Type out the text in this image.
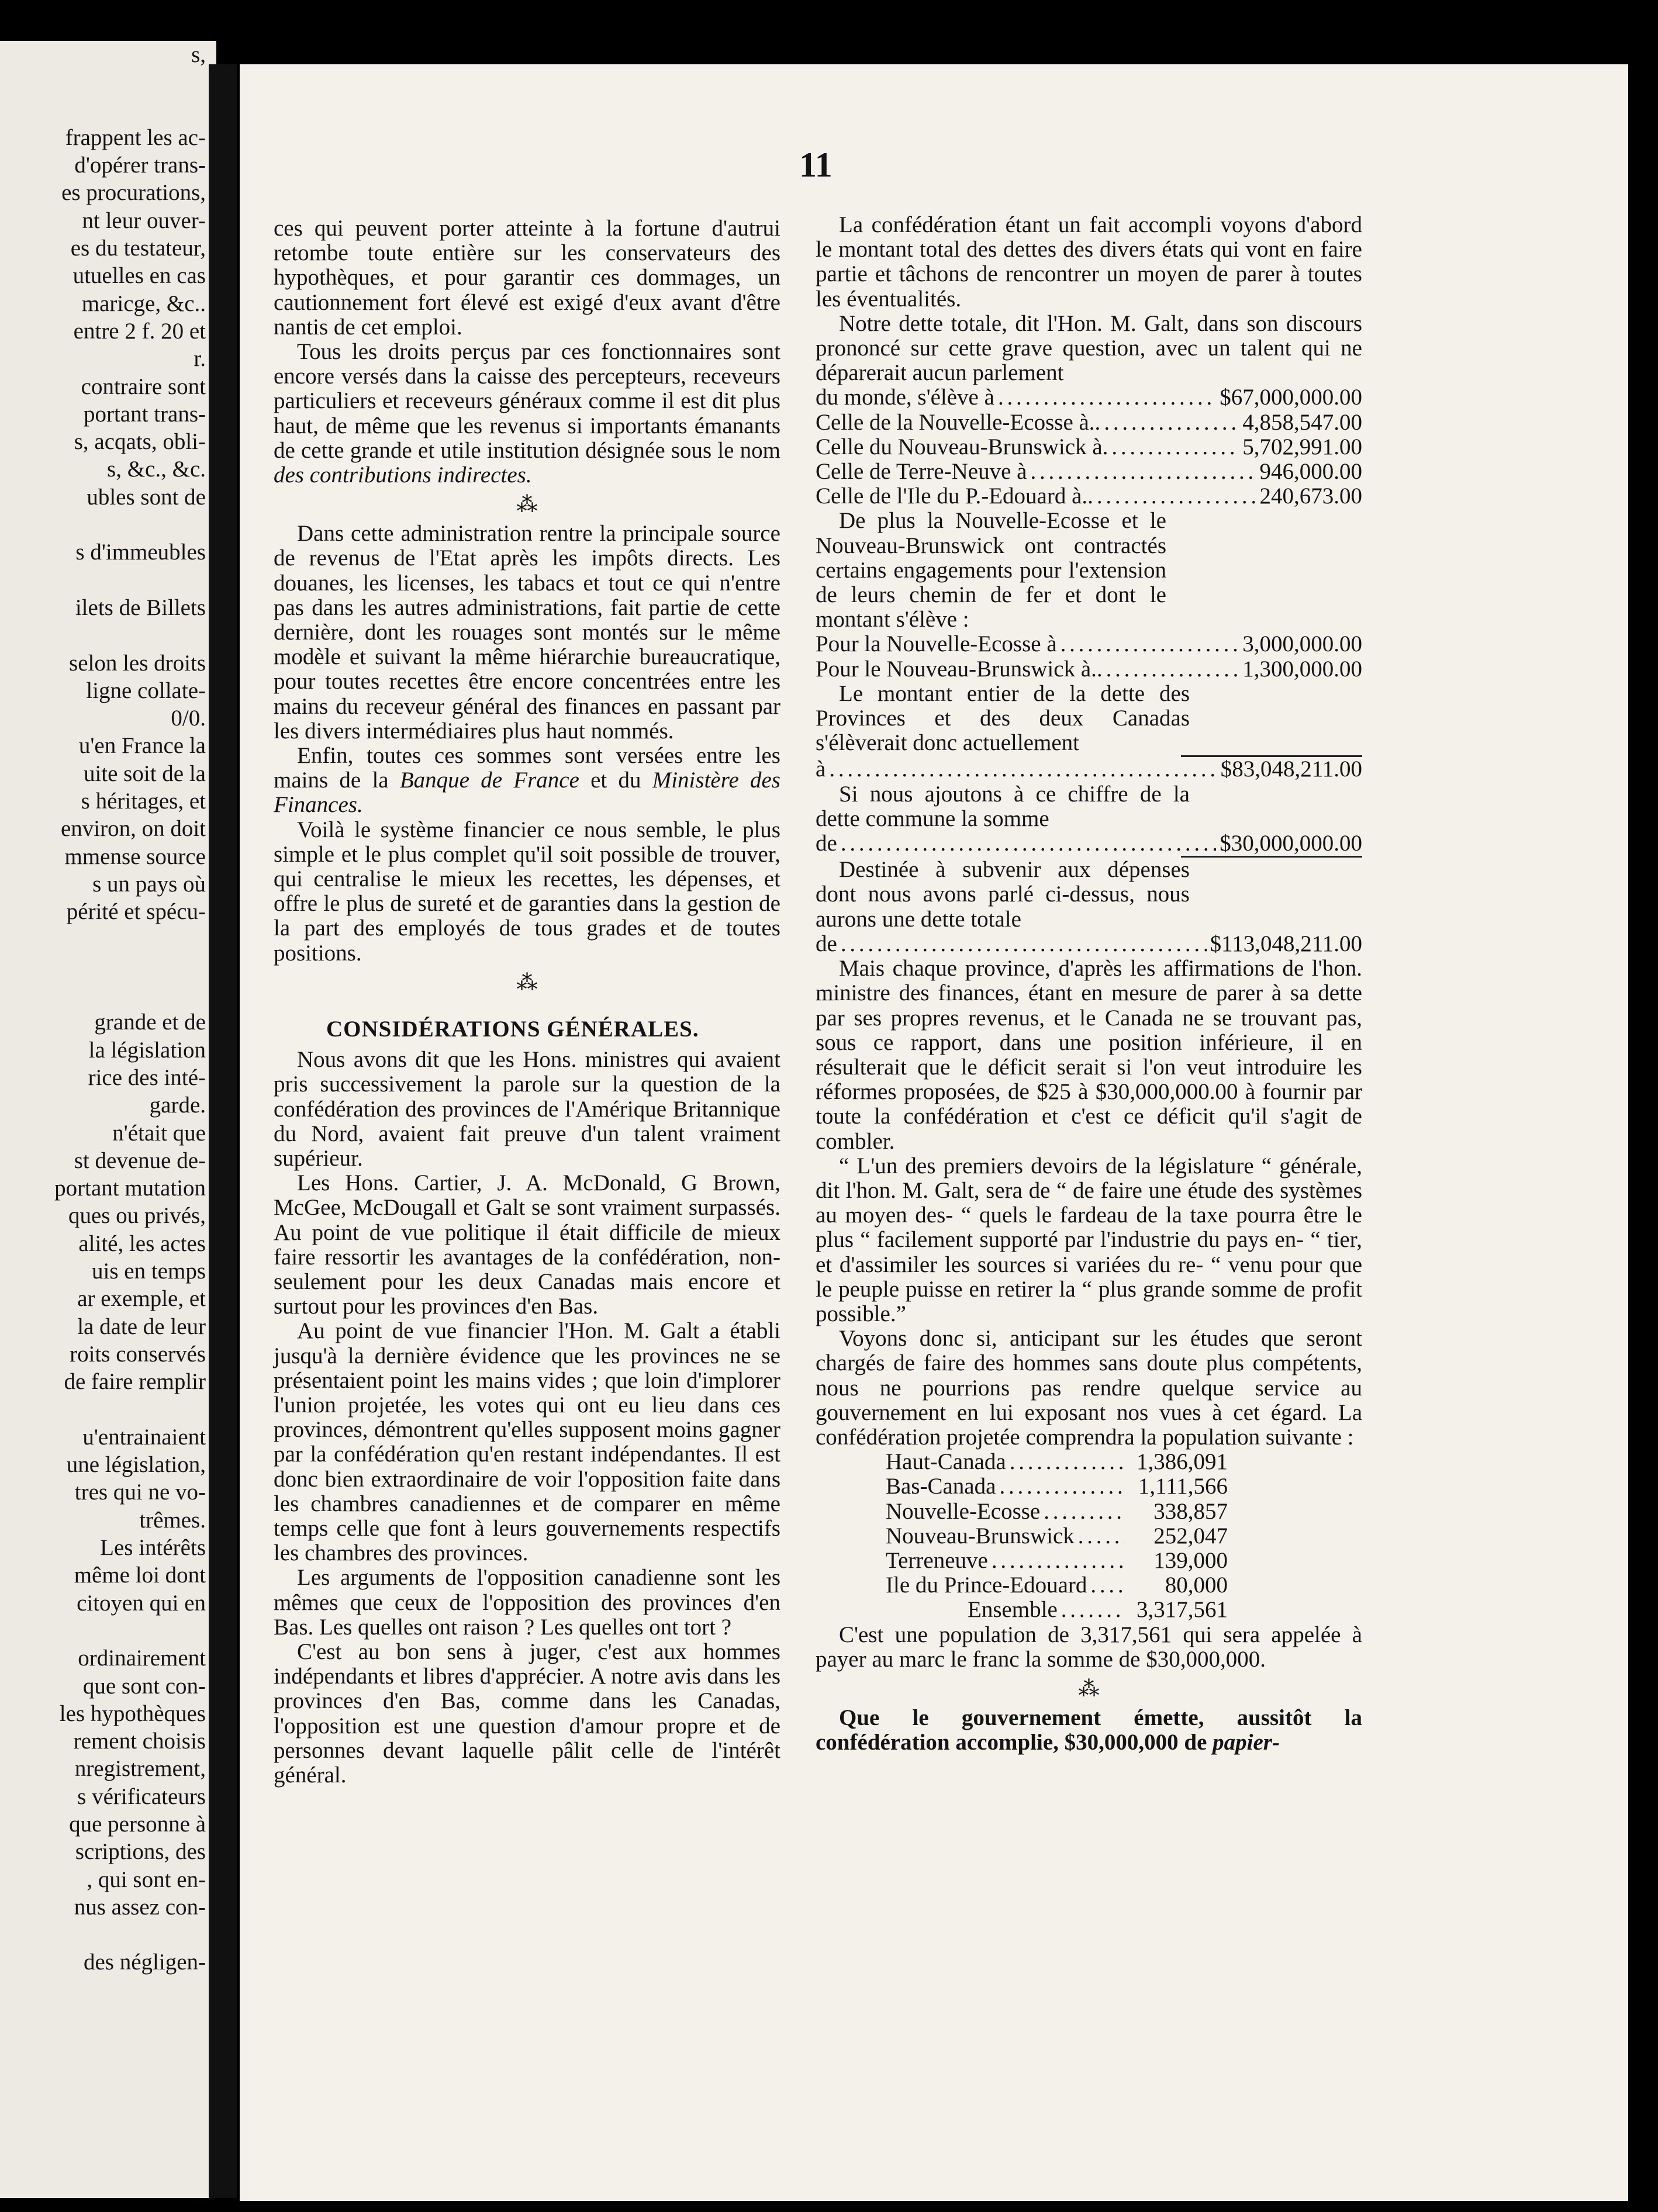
s,
frappent les ac-
d'opérer trans-
es procurations,
nt leur ouver-
es du testateur,
utuelles en cas
maricge, &c..
entre 2 f. 20 et
r.
contraire sont
portant trans-
s, acqats, obli-
s, &c., &c.
ubles sont de
s d'immeubles
ilets de Billets
selon les droits
ligne collate-
0/0.
u'en France la
uite soit de la
s héritages, et
environ, on doit
mmense source
s un pays où
périté et spécu-
grande et de
la législation
rice des inté-
garde.
n'était que
st devenue de-
portant mutation
ques ou privés,
alité, les actes
uis en temps
ar exemple, et
la date de leur
roits conservés
de faire remplir
u'entrainaient
une législation,
tres qui ne vo-
trêmes.
Les intérêts
même loi dont
citoyen qui en
ordinairement
que sont con-
les hypothèques
rement choisis
nregistrement,
s vérificateurs
que personne à
scriptions, des
, qui sont en-
nus assez con-
des négligen-
11

ces qui peuvent porter atteinte à la fortune d'autrui retombe toute entière sur les conservateurs des hypothèques, et pour garantir ces dommages, un cautionnement fort élevé est exigé d'eux avant d'être nantis de cet emploi.

Tous les droits perçus par ces fonctionnaires sont encore versés dans la caisse des percepteurs, receveurs particuliers et receveurs généraux comme il est dit plus haut, de même que les revenus si importants émanants de cette grande et utile institution désignée sous le nom des contributions indirectes.

⁂

Dans cette administration rentre la principale source de revenus de l'Etat après les impôts directs. Les douanes, les licenses, les tabacs et tout ce qui n'entre pas dans les autres administrations, fait partie de cette dernière, dont les rouages sont montés sur le même modèle et suivant la même hiérarchie bureaucratique, pour toutes recettes être encore concentrées entre les mains du receveur général des finances en passant par les divers intermédiaires plus haut nommés.

Enfin, toutes ces sommes sont versées entre les mains de la Banque de France et du Ministère des Finances.

Voilà le système financier ce nous semble, le plus simple et le plus complet qu'il soit possible de trouver, qui centralise le mieux les recettes, les dépenses, et offre le plus de sureté et de garanties dans la gestion de la part des employés de tous grades et de toutes positions.

⁂
CONSIDÉRATIONS GÉNÉRALES.

Nous avons dit que les Hons. ministres qui avaient pris successivement la parole sur la question de la confédération des provinces de l'Amérique Britannique du Nord, avaient fait preuve d'un talent vraiment supérieur.

Les Hons. Cartier, J. A. McDonald, G Brown, McGee, McDougall et Galt se sont vraiment surpassés. Au point de vue politique il était difficile de mieux faire ressortir les avantages de la confédération, non-seulement pour les deux Canadas mais encore et surtout pour les provinces d'en Bas.

Au point de vue financier l'Hon. M. Galt a établi jusqu'à la dernière évidence que les provinces ne se présentaient point les mains vides ; que loin d'implorer l'union projetée, les votes qui ont eu lieu dans ces provinces, démontrent qu'elles supposent moins gagner par la confédération qu'en restant indépendantes. Il est donc bien extraordinaire de voir l'opposition faite dans les chambres canadiennes et de comparer en même temps celle que font à leurs gouvernements respectifs les chambres des provinces.

Les arguments de l'opposition canadienne sont les mêmes que ceux de l'opposition des provinces d'en Bas. Les quelles ont raison ? Les quelles ont tort ?

C'est au bon sens à juger, c'est aux hommes indépendants et libres d'apprécier. A notre avis dans les provinces d'en Bas, comme dans les Canadas, l'opposition est une question d'amour propre et de personnes devant laquelle pâlit celle de l'intérêt général.

La confédération étant un fait accompli voyons d'abord le montant total des dettes des divers états qui vont en faire partie et tâchons de rencontrer un moyen de parer à toutes les éventualités.

Notre dette totale, dit l'Hon. M. Galt, dans son discours prononcé sur cette grave question, avec un talent qui ne déparerait aucun parlement

du monde, s'élève à . . .	$67,000,000.00
Celle de la Nouvelle-Ecosse à.. . . .	4,858,547.00
Celle du Nouveau-Brunswick à. . . .	5,702,991.00
Celle de Terre-Neuve à . . .	946,000.00
Celle de l'Ile du P.-Edouard à.. . . .	240,673.00

De plus la Nouvelle-Ecosse et le Nouveau-Brunswick ont contractés certains engagements pour l'extension de leurs chemin de fer et dont le montant s'élève :

Pour la Nouvelle-Ecosse à . . .	3,000,000.00
Pour le Nouveau-Brunswick à.. . . .	1,300,000.00

Le montant entier de la dette des Provinces et des deux Canadas s'élèverait donc actuellement

à . . .	$83,048,211.00

Si nous ajoutons à ce chiffre de la dette commune la somme

de . . .	$30,000,000.00

Destinée à subvenir aux dépenses dont nous avons parlé ci-dessus, nous aurons une dette totale

de . . .	$113,048,211.00

Mais chaque province, d'après les affirmations de l'hon. ministre des finances, étant en mesure de parer à sa dette par ses propres revenus, et le Canada ne se trouvant pas, sous ce rapport, dans une position inférieure, il en résulterait que le déficit serait si l'on veut introduire les réformes proposées, de $25 à $30,000,000.00 à fournir par toute la confédération et c'est ce déficit qu'il s'agit de combler.

“ L'un des premiers devoirs de la législature “ générale, dit l'hon. M. Galt, sera de “ de faire une étude des systèmes au moyen des- “ quels le fardeau de la taxe pourra être le plus “ facilement supporté par l'industrie du pays en- “ tier, et d'assimiler les sources si variées du re- “ venu pour que le peuple puisse en retirer la “ plus grande somme de profit possible.”

Voyons donc si, anticipant sur les études que seront chargés de faire des hommes sans doute plus compétents, nous ne pourrions pas rendre quelque service au gouvernement en lui exposant nos vues à cet égard. La confédération projetée comprendra la population suivante :

Haut-Canada . . .	1,386,091
Bas-Canada . . .	1,111,566
Nouvelle-Ecosse . . .	338,857
Nouveau-Brunswick . . .	252,047
Terreneuve . . .	139,000
Ile du Prince-Edouard . . .	80,000
Ensemble . . .	3,317,561

C'est une population de 3,317,561 qui sera appelée à payer au marc le franc la somme de $30,000,000.

⁂

Que le gouvernement émette, aussitôt la confédération accomplie, $30,000,000 de papier-
